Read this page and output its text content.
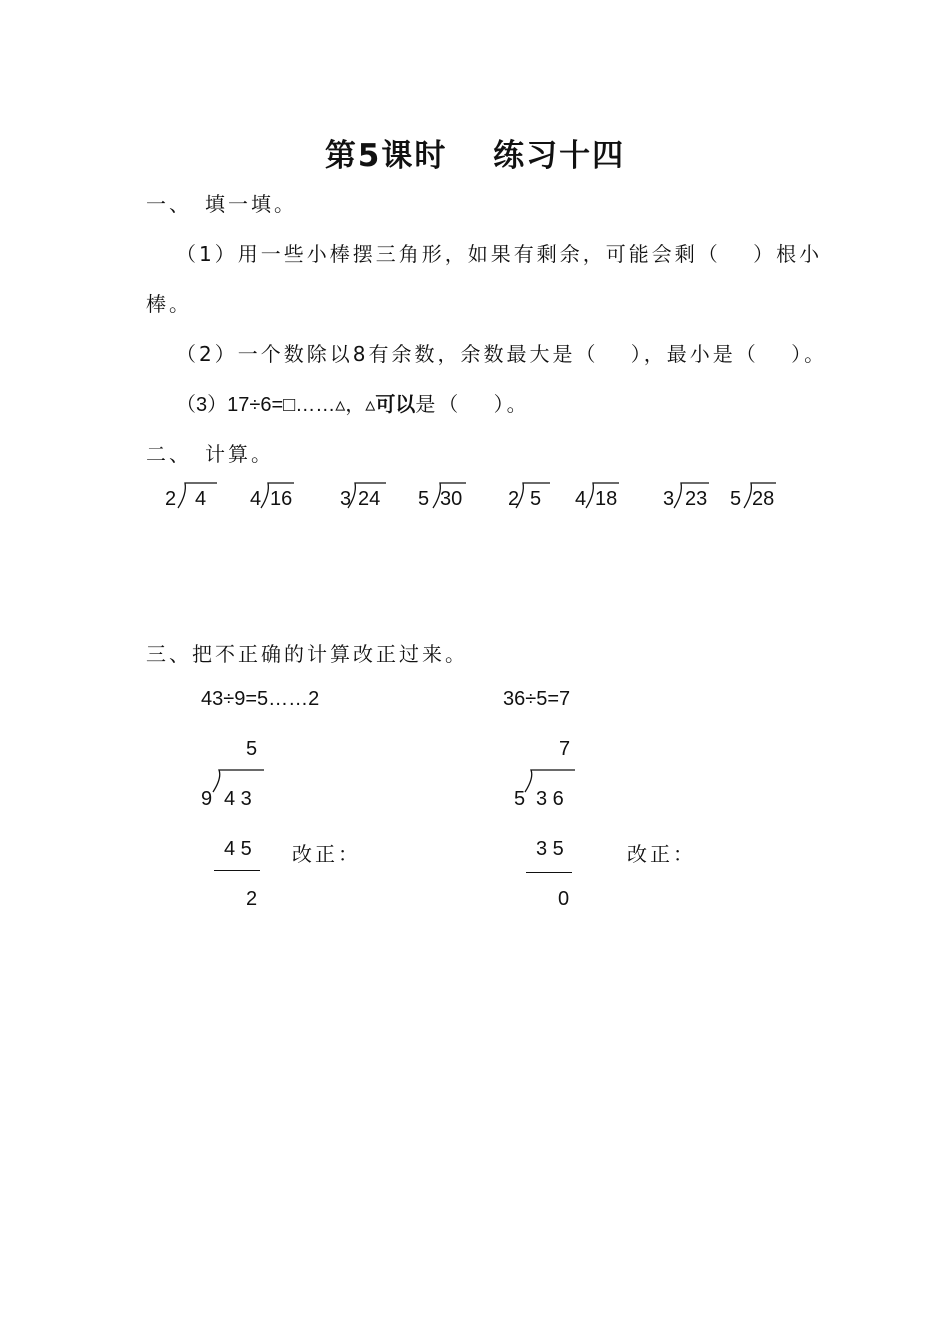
第5课时　 练习十四
一、　填一填。
（1）用一些小棒摆三角形，如果有剩余，可能会剩（　 ）根小
棒。
（2）一个数除以8有余数，余数最大是（　 ），最小是（　 ）。
（3）17÷6=□……▵，▵可以是（　 ）。
二、　计算。
2 4 4 16 3 24 5 30 2 5 4 18 3 23 5 28
三、把不正确的计算改正过来。
43÷9=5……2
5
9 4 3
4 5
2
改正：
36÷5=7
7
5 3 6
3 5
0
改正：
